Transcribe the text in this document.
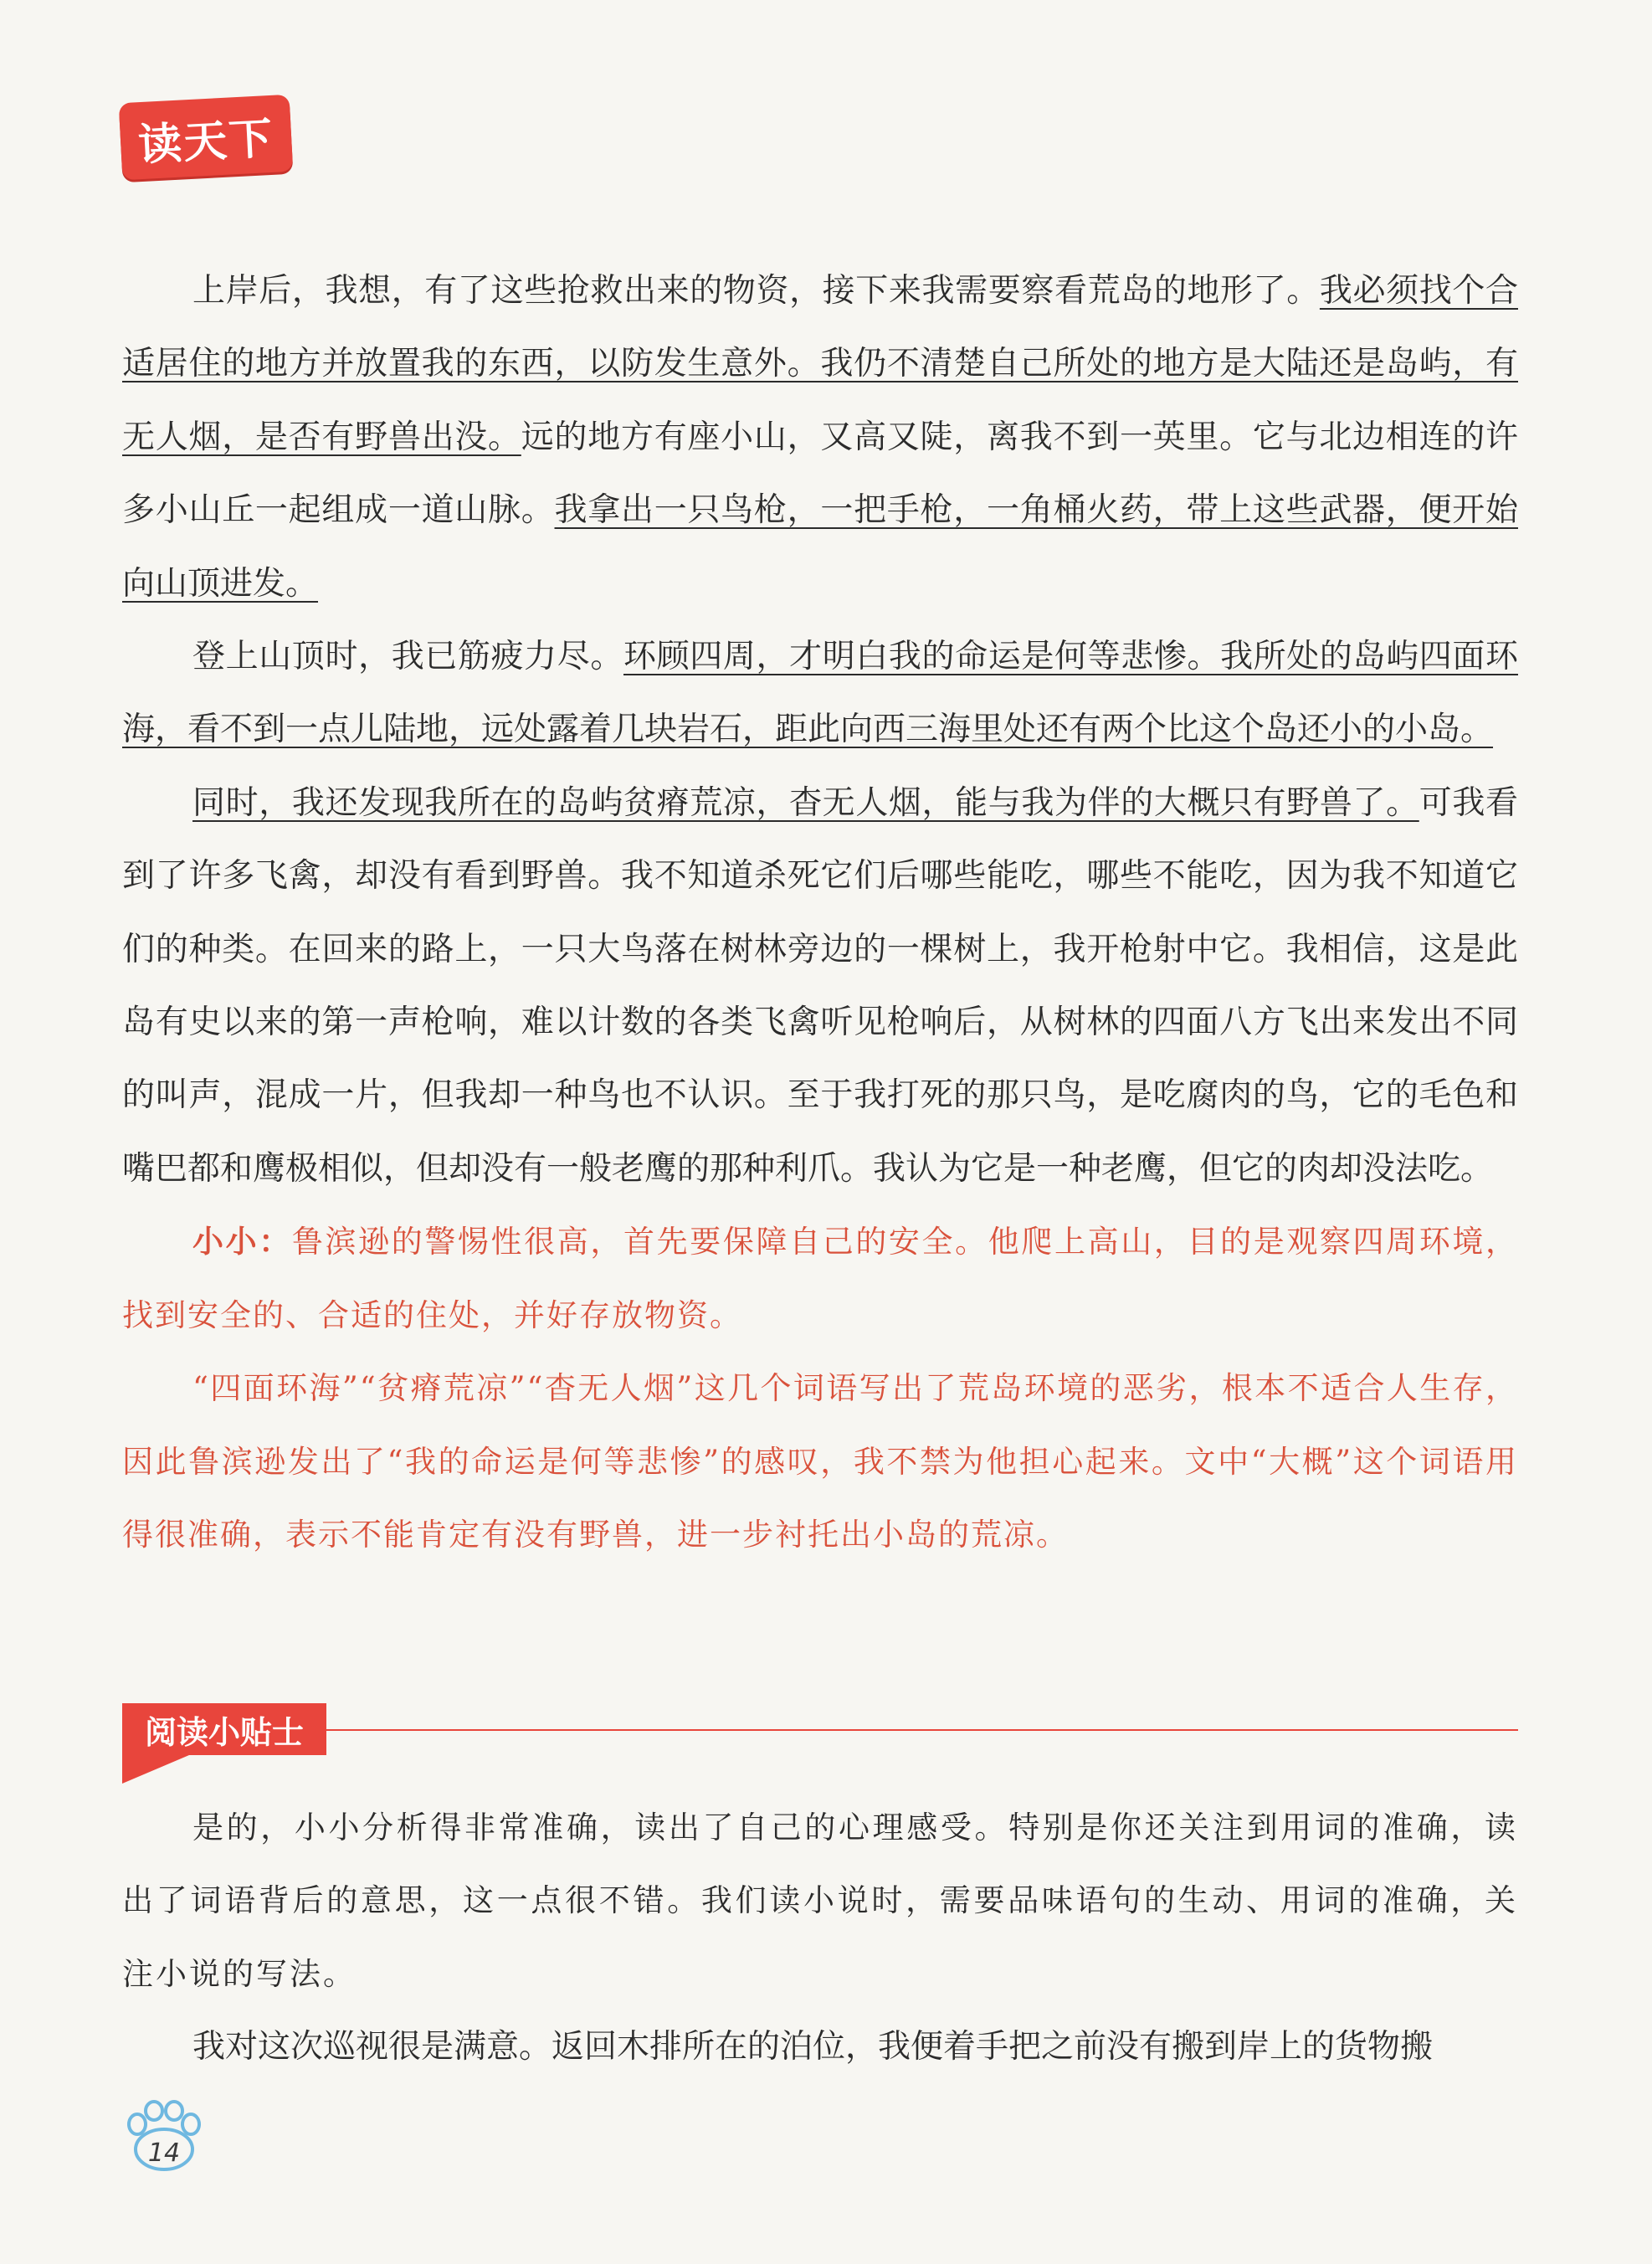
读天下

上岸后，我想，有了这些抢救出来的物资，接下来我需要察看荒岛的地形了。我必须找个合适居住的地方并放置我的东西，以防发生意外。我仍不清楚自己所处的地方是大陆还是岛屿，有无人烟，是否有野兽出没。远的地方有座小山，又高又陡，离我不到一英里。它与北边相连的许多小山丘一起组成一道山脉。我拿出一只鸟枪，一把手枪，一角桶火药，带上这些武器，便开始向山顶进发。

登上山顶时，我已筋疲力尽。环顾四周，才明白我的命运是何等悲惨。我所处的岛屿四面环海，看不到一点儿陆地，远处露着几块岩石，距此向西三海里处还有两个比这个岛还小的小岛。

同时，我还发现我所在的岛屿贫瘠荒凉，杳无人烟，能与我为伴的大概只有野兽了。可我看到了许多飞禽，却没有看到野兽。我不知道杀死它们后哪些能吃，哪些不能吃，因为我不知道它们的种类。在回来的路上，一只大鸟落在树林旁边的一棵树上，我开枪射中它。我相信，这是此岛有史以来的第一声枪响，难以计数的各类飞禽听见枪响后，从树林的四面八方飞出来发出不同的叫声，混成一片，但我却一种鸟也不认识。至于我打死的那只鸟，是吃腐肉的鸟，它的毛色和嘴巴都和鹰极相似，但却没有一般老鹰的那种利爪。我认为它是一种老鹰，但它的肉却没法吃。

小小：鲁滨逊的警惕性很高，首先要保障自己的安全。他爬上高山，目的是观察四周环境，找到安全的、合适的住处，并好存放物资。

“四面环海”“贫瘠荒凉”“杳无人烟”这几个词语写出了荒岛环境的恶劣，根本不适合人生存，因此鲁滨逊发出了“我的命运是何等悲惨”的感叹，我不禁为他担心起来。文中“大概”这个词语用得很准确，表示不能肯定有没有野兽，进一步衬托出小岛的荒凉。

阅读小贴士

是的，小小分析得非常准确，读出了自己的心理感受。特别是你还关注到用词的准确，读出了词语背后的意思，这一点很不错。我们读小说时，需要品味语句的生动、用词的准确，关注小说的写法。

我对这次巡视很是满意。返回木排所在的泊位，我便着手把之前没有搬到岸上的货物搬

14
